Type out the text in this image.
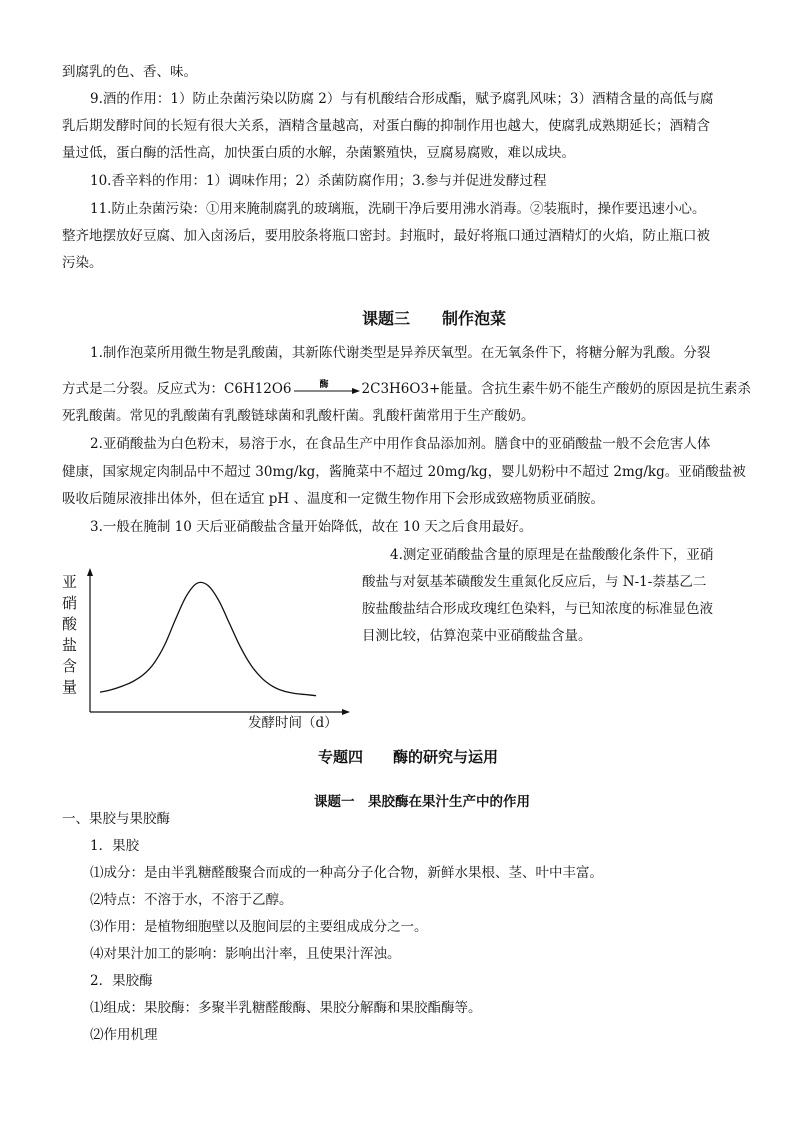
到腐乳的色、香、味。
9.酒的作用：1）防止杂菌污染以防腐 2）与有机酸结合形成酯，赋予腐乳风味；3）酒精含量的高低与腐
乳后期发酵时间的长短有很大关系，酒精含量越高，对蛋白酶的抑制作用也越大，使腐乳成熟期延长；酒精含
量过低，蛋白酶的活性高，加快蛋白质的水解，杂菌繁殖快，豆腐易腐败，难以成块。
10.香辛料的作用：1）调味作用；2）杀菌防腐作用；3.参与并促进发酵过程
11.防止杂菌污染：①用来腌制腐乳的玻璃瓶，洗刷干净后要用沸水消毒。②装瓶时，操作要迅速小心。
整齐地摆放好豆腐、加入卤汤后，要用胶条将瓶口密封。封瓶时，最好将瓶口通过酒精灯的火焰，防止瓶口被
污染。
课题三　　制作泡菜
1.制作泡菜所用微生物是乳酸菌，其新陈代谢类型是异养厌氧型。在无氧条件下，将糖分解为乳酸。分裂
方式是二分裂。反应式为：C6H12O6	酶 2C3H6O3+能量。含抗生素牛奶不能生产酸奶的原因是抗生素杀
死乳酸菌。常见的乳酸菌有乳酸链球菌和乳酸杆菌。乳酸杆菌常用于生产酸奶。
2.亚硝酸盐为白色粉末，易溶于水，在食品生产中用作食品添加剂。膳食中的亚硝酸盐一般不会危害人体
健康，国家规定肉制品中不超过 30mg/kg，酱腌菜中不超过 20mg/kg，婴儿奶粉中不超过 2mg/kg。亚硝酸盐被
吸收后随尿液排出体外，但在适宜 pH 、温度和一定微生物作用下会形成致癌物质亚硝胺。
3.一般在腌制 10 天后亚硝酸盐含量开始降低，故在 10 天之后食用最好。
4.测定亚硝酸盐含量的原理是在盐酸酸化条件下，亚硝
酸盐与对氨基苯磺酸发生重氮化反应后，与 N-1-萘基乙二
胺盐酸盐结合形成玫瑰红色染料，与已知浓度的标准显色液
目测比较，估算泡菜中亚硝酸盐含量。
亚
硝
酸
盐
含
量
发酵时间（d）
专题四　　酶的研究与运用
课题一　果胶酶在果汁生产中的作用
一、果胶与果胶酶
1．果胶
⑴成分：是由半乳糖醛酸聚合而成的一种高分子化合物，新鲜水果根、茎、叶中丰富。
⑵特点：不溶于水，不溶于乙醇。
⑶作用：是植物细胞壁以及胞间层的主要组成成分之一。
⑷对果汁加工的影响：影响出汁率，且使果汁浑浊。
2．果胶酶
⑴组成：果胶酶：多聚半乳糖醛酸酶、果胶分解酶和果胶酯酶等。
⑵作用机理
